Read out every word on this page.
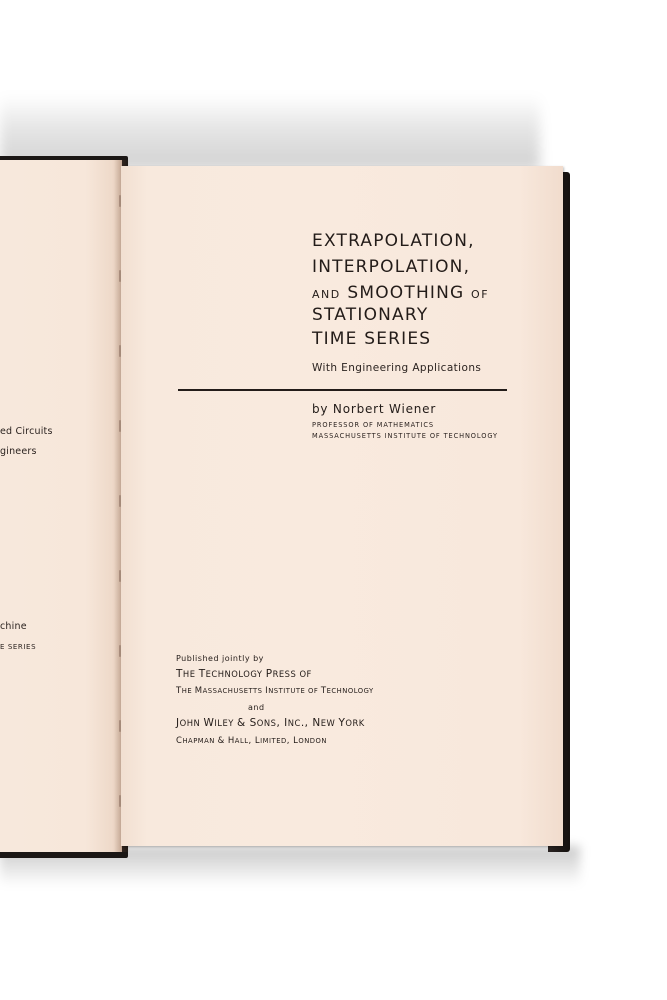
ed Circuits
gineers
chine
E SERIES
EXTRAPOLATION,
INTERPOLATION,
AND SMOOTHING OF
STATIONARY
TIME SERIES
With Engineering Applications
by Norbert Wiener
PROFESSOR OF MATHEMATICS
MASSACHUSETTS INSTITUTE OF TECHNOLOGY
Published jointly by
THE TECHNOLOGY PRESS OF
THE MASSACHUSETTS INSTITUTE OF TECHNOLOGY
and
JOHN WILEY & SONS, INC., NEW YORK
CHAPMAN & HALL, LIMITED, LONDON
